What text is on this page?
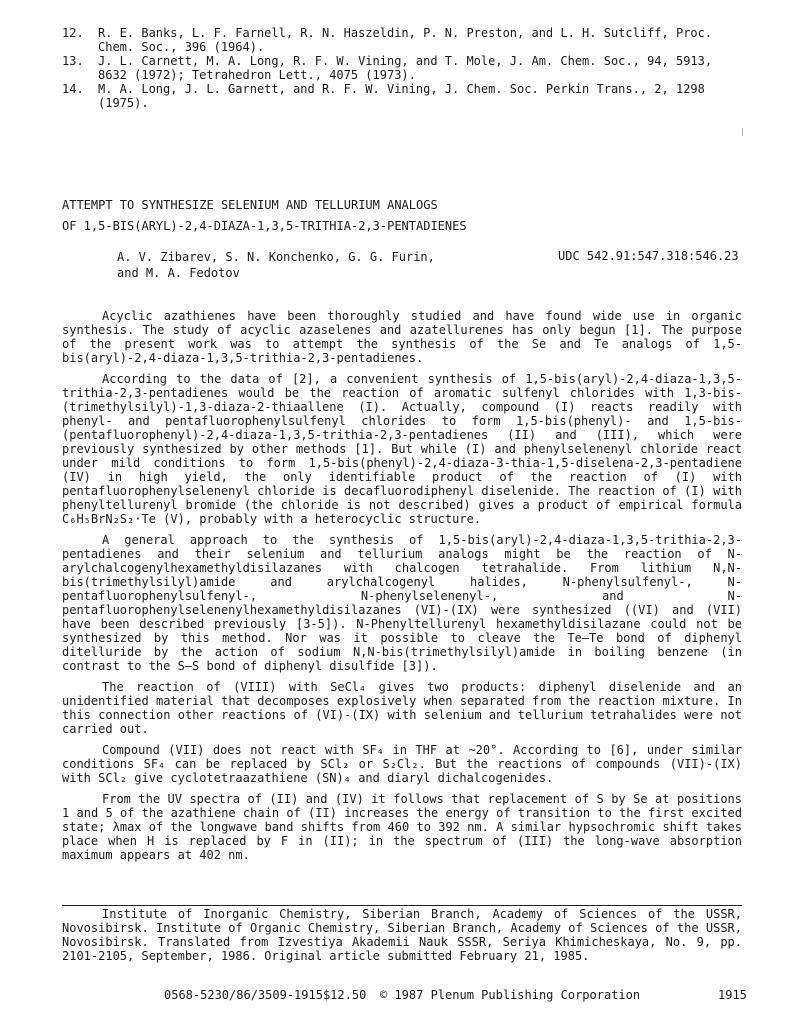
12.	R. E. Banks, L. F. Farnell, R. N. Haszeldin, P. N. Preston, and L. H. Sutcliff, Proc. Chem. Soc., 396 (1964).
13.	J. L. Carnett, M. A. Long, R. F. W. Vining, and T. Mole, J. Am. Chem. Soc., 94, 5913, 8632 (1972); Tetrahedron Lett., 4075 (1973).
14.	M. A. Long, J. L. Garnett, and R. F. W. Vining, J. Chem. Soc. Perkin Trans., 2, 1298 (1975).
ATTEMPT TO SYNTHESIZE SELENIUM AND TELLURIUM ANALOGS
OF 1,5-BIS(ARYL)-2,4-DIAZA-1,3,5-TRITHIA-2,3-PENTADIENES
A. V. Zibarev, S. N. Konchenko, G. G. Furin,
and M. A. Fedotov
UDC 542.91:547.318:546.23

Acyclic azathienes have been thoroughly studied and have found wide use in organic synthesis. The study of acyclic azaselenes and azatellurenes has only begun [1]. The purpose of the present work was to attempt the synthesis of the Se and Te analogs of 1,5-bis(aryl)-2,4-diaza-1,3,5-trithia-2,3-pentadienes.

According to the data of [2], a convenient synthesis of 1,5-bis(aryl)-2,4-diaza-1,3,5-trithia-2,3-pentadienes would be the reaction of aromatic sulfenyl chlorides with 1,3-bis-(trimethylsilyl)-1,3-diaza-2-thiaallene (I). Actually, compound (I) reacts readily with phenyl- and pentafluorophenylsulfenyl chlorides to form 1,5-bis(phenyl)- and 1,5-bis-(pentafluorophenyl)-2,4-diaza-1,3,5-trithia-2,3-pentadienes (II) and (III), which were previously synthesized by other methods [1]. But while (I) and phenylselenenyl chloride react under mild conditions to form 1,5-bis(phenyl)-2,4-diaza-3-thia-1,5-diselena-2,3-pentadiene (IV) in high yield, the only identifiable product of the reaction of (I) with pentafluorophenylselenenyl chloride is decafluorodiphenyl diselenide. The reaction of (I) with phenyltellurenyl bromide (the chloride is not described) gives a product of empirical formula C₆H₅BrN₂S₂·Te (V), probably with a heterocyclic structure.

A general approach to the synthesis of 1,5-bis(aryl)-2,4-diaza-1,3,5-trithia-2,3-pentadienes and their selenium and tellurium analogs might be the reaction of N-arylchalcogenylhexamethyldisilazanes with chalcogen tetrahalide. From lithium N,N-bis(trimethylsilyl)amide and arylchalcogenyl halides, N-phenylsulfenyl-, N-pentafluorophenylsulfenyl-, N-phenylselenenyl-, and N-pentafluorophenylselenenylhexamethyldisilazanes (VI)-(IX) were synthesized ((VI) and (VII) have been described previously [3-5]). N-Phenyltellurenyl hexamethyldisilazane could not be synthesized by this method. Nor was it possible to cleave the Te–Te bond of diphenyl ditelluride by the action of sodium N,N-bis(trimethylsilyl)amide in boiling benzene (in contrast to the S–S bond of diphenyl disulfide [3]).

The reaction of (VIII) with SeCl₄ gives two products: diphenyl diselenide and an unidentified material that decomposes explosively when separated from the reaction mixture. In this connection other reactions of (VI)-(IX) with selenium and tellurium tetrahalides were not carried out.

Compound (VII) does not react with SF₄ in THF at ~20°. According to [6], under similar conditions SF₄ can be replaced by SCl₂ or S₂Cl₂. But the reactions of compounds (VII)-(IX) with SCl₂ give cyclotetraazathiene (SN)₄ and diaryl dichalcogenides.

From the UV spectra of (II) and (IV) it follows that replacement of S by Se at positions 1 and 5 of the azathiene chain of (II) increases the energy of transition to the first excited state; λmax of the longwave band shifts from 460 to 392 nm. A similar hypsochromic shift takes place when H is replaced by F in (II); in the spectrum of (III) the long-wave absorption maximum appears at 402 nm.

Institute of Inorganic Chemistry, Siberian Branch, Academy of Sciences of the USSR, Novosibirsk. Institute of Organic Chemistry, Siberian Branch, Academy of Sciences of the USSR, Novosibirsk. Translated from Izvestiya Akademii Nauk SSSR, Seriya Khimicheskaya, No. 9, pp. 2101-2105, September, 1986. Original article submitted February 21, 1985.

0568-5230/86/3509-1915$12.50 © 1987 Plenum Publishing Corporation	1915
